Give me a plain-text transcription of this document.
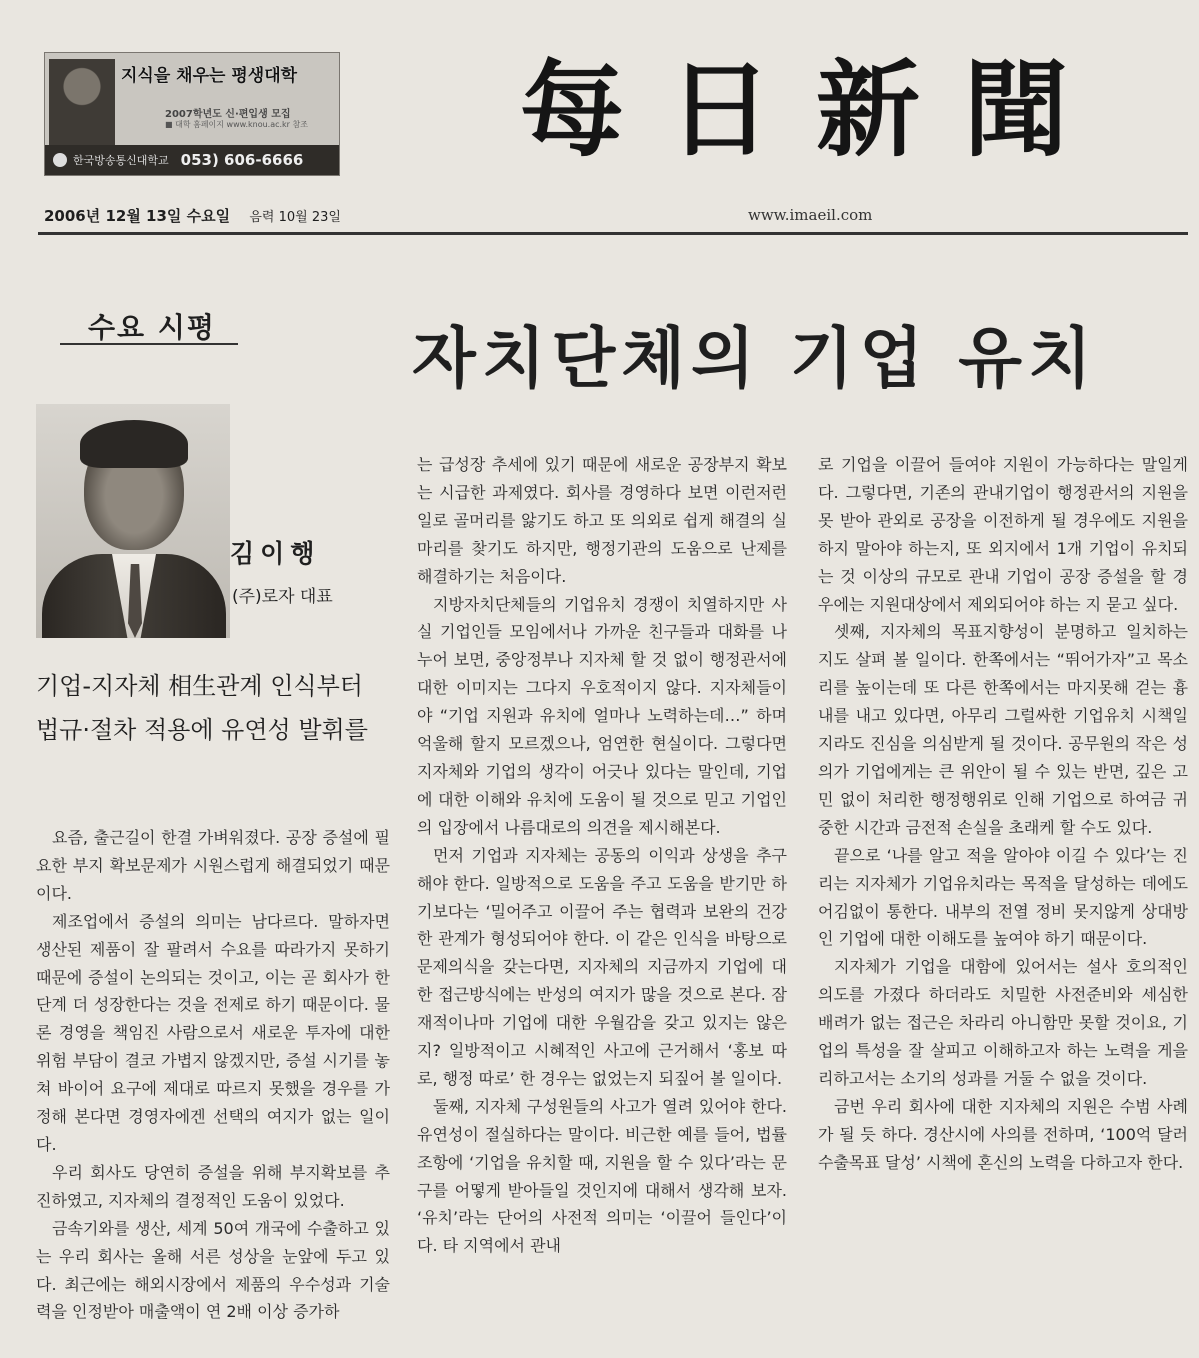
지식을 채우는 평생대학
2007학년도 신·편입생 모집
■ 대학 홈페이지 www.knou.ac.kr 참조
한국방송통신대학교 053) 606-6666 每日新聞
2006년 12월 13일 수요일 음력 10월 23일	www.imaeil.com
수요 시평	자치단체의 기업 유치
김이행
(주)로자 대표
기업-지자체 相生관계 인식부터
법규·절차 적용에 유연성 발휘를

요즘, 출근길이 한결 가벼워졌다. 공장 증설에 필요한 부지 확보문제가 시원스럽게 해결되었기 때문이다.

제조업에서 증설의 의미는 남다르다. 말하자면 생산된 제품이 잘 팔려서 수요를 따라가지 못하기 때문에 증설이 논의되는 것이고, 이는 곧 회사가 한 단계 더 성장한다는 것을 전제로 하기 때문이다. 물론 경영을 책임진 사람으로서 새로운 투자에 대한 위험 부담이 결코 가볍지 않겠지만, 증설 시기를 놓쳐 바이어 요구에 제대로 따르지 못했을 경우를 가정해 본다면 경영자에겐 선택의 여지가 없는 일이다.

우리 회사도 당연히 증설을 위해 부지확보를 추진하였고, 지자체의 결정적인 도움이 있었다.

금속기와를 생산, 세계 50여 개국에 수출하고 있는 우리 회사는 올해 서른 성상을 눈앞에 두고 있다. 최근에는 해외시장에서 제품의 우수성과 기술력을 인정받아 매출액이 연 2배 이상 증가하

는 급성장 추세에 있기 때문에 새로운 공장부지 확보는 시급한 과제였다. 회사를 경영하다 보면 이런저런 일로 골머리를 앓기도 하고 또 의외로 쉽게 해결의 실마리를 찾기도 하지만, 행정기관의 도움으로 난제를 해결하기는 처음이다.

지방자치단체들의 기업유치 경쟁이 치열하지만 사실 기업인들 모임에서나 가까운 친구들과 대화를 나누어 보면, 중앙정부나 지자체 할 것 없이 행정관서에 대한 이미지는 그다지 우호적이지 않다. 지자체들이야 “기업 지원과 유치에 얼마나 노력하는데…” 하며 억울해 할지 모르겠으나, 엄연한 현실이다. 그렇다면 지자체와 기업의 생각이 어긋나 있다는 말인데, 기업에 대한 이해와 유치에 도움이 될 것으로 믿고 기업인의 입장에서 나름대로의 의견을 제시해본다.

먼저 기업과 지자체는 공동의 이익과 상생을 추구해야 한다. 일방적으로 도움을 주고 도움을 받기만 하기보다는 ‘밀어주고 이끌어 주는 협력과 보완의 건강한 관계가 형성되어야 한다. 이 같은 인식을 바탕으로 문제의식을 갖는다면, 지자체의 지금까지 기업에 대한 접근방식에는 반성의 여지가 많을 것으로 본다. 잠재적이나마 기업에 대한 우월감을 갖고 있지는 않은지? 일방적이고 시혜적인 사고에 근거해서 ‘홍보 따로, 행정 따로’ 한 경우는 없었는지 되짚어 볼 일이다.

둘째, 지자체 구성원들의 사고가 열려 있어야 한다. 유연성이 절실하다는 말이다. 비근한 예를 들어, 법률 조항에 ‘기업을 유치할 때, 지원을 할 수 있다’라는 문구를 어떻게 받아들일 것인지에 대해서 생각해 보자. ‘유치’라는 단어의 사전적 의미는 ‘이끌어 들인다’이다. 타 지역에서 관내

로 기업을 이끌어 들여야 지원이 가능하다는 말일게다. 그렇다면, 기존의 관내기업이 행정관서의 지원을 못 받아 관외로 공장을 이전하게 될 경우에도 지원을 하지 말아야 하는지, 또 외지에서 1개 기업이 유치되는 것 이상의 규모로 관내 기업이 공장 증설을 할 경우에는 지원대상에서 제외되어야 하는 지 묻고 싶다.

셋째, 지자체의 목표지향성이 분명하고 일치하는 지도 살펴 볼 일이다. 한쪽에서는 “뛰어가자”고 목소리를 높이는데 또 다른 한쪽에서는 마지못해 걷는 흉내를 내고 있다면, 아무리 그럴싸한 기업유치 시책일지라도 진심을 의심받게 될 것이다. 공무원의 작은 성의가 기업에게는 큰 위안이 될 수 있는 반면, 깊은 고민 없이 처리한 행정행위로 인해 기업으로 하여금 귀중한 시간과 금전적 손실을 초래케 할 수도 있다.

끝으로 ‘나를 알고 적을 알아야 이길 수 있다’는 진리는 지자체가 기업유치라는 목적을 달성하는 데에도 어김없이 통한다. 내부의 전열 정비 못지않게 상대방인 기업에 대한 이해도를 높여야 하기 때문이다.

지자체가 기업을 대함에 있어서는 설사 호의적인 의도를 가졌다 하더라도 치밀한 사전준비와 세심한 배려가 없는 접근은 차라리 아니함만 못할 것이요, 기업의 특성을 잘 살피고 이해하고자 하는 노력을 게을리하고서는 소기의 성과를 거둘 수 없을 것이다.

금번 우리 회사에 대한 지자체의 지원은 수범 사례가 될 듯 하다. 경산시에 사의를 전하며, ‘100억 달러 수출목표 달성’ 시책에 혼신의 노력을 다하고자 한다.
